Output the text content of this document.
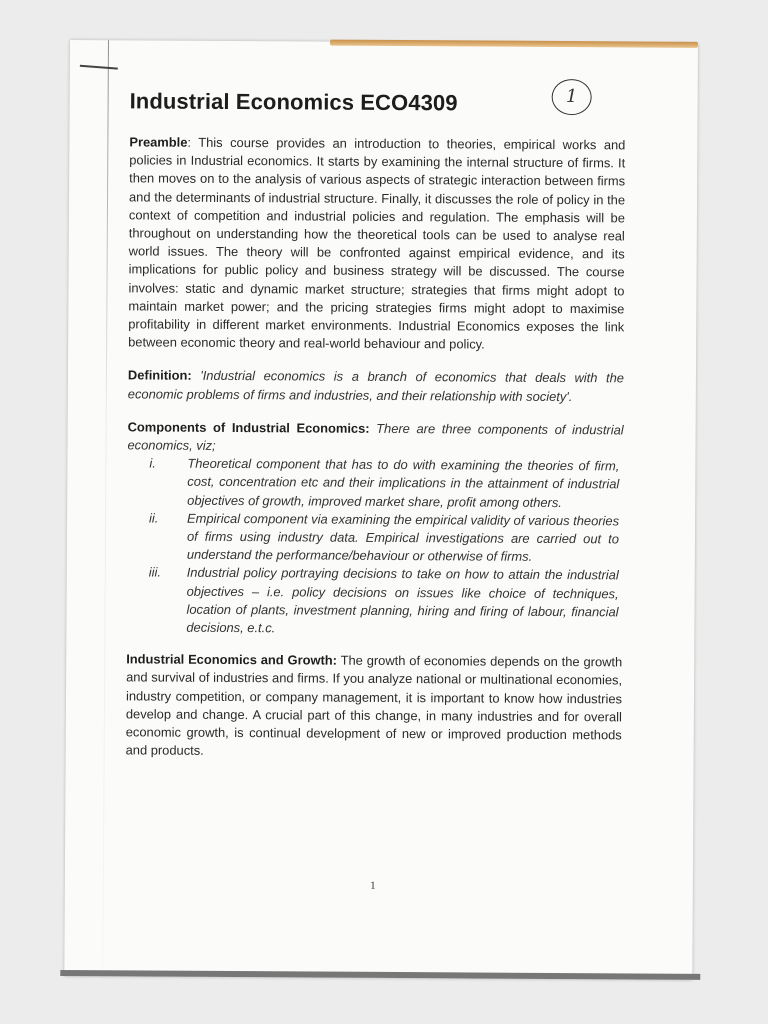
Industrial Economics ECO4309	1

Preamble: This course provides an introduction to theories, empirical works and policies in Industrial economics. It starts by examining the internal structure of firms. It then moves on to the analysis of various aspects of strategic interaction between firms and the determinants of industrial structure. Finally, it discusses the role of policy in the context of competition and industrial policies and regulation. The emphasis will be throughout on understanding how the theoretical tools can be used to analyse real world issues. The theory will be confronted against empirical evidence, and its implications for public policy and business strategy will be discussed. The course involves: static and dynamic market structure; strategies that firms might adopt to maintain market power; and the pricing strategies firms might adopt to maximise profitability in different market environments. Industrial Economics exposes the link between economic theory and real-world behaviour and policy.

Definition: 'Industrial economics is a branch of economics that deals with the economic problems of firms and industries, and their relationship with society'.

Components of Industrial Economics: There are three components of industrial economics, viz;

i. Theoretical component that has to do with examining the theories of firm, cost, concentration etc and their implications in the attainment of industrial objectives of growth, improved market share, profit among others.
ii. Empirical component via examining the empirical validity of various theories of firms using industry data. Empirical investigations are carried out to understand the performance/behaviour or otherwise of firms.
iii. Industrial policy portraying decisions to take on how to attain the industrial objectives – i.e. policy decisions on issues like choice of techniques, location of plants, investment planning, hiring and firing of labour, financial decisions, e.t.c.

Industrial Economics and Growth: The growth of economies depends on the growth and survival of industries and firms. If you analyze national or multinational economies, industry competition, or company management, it is important to know how industries develop and change. A crucial part of this change, in many industries and for overall economic growth, is continual development of new or improved production methods and products.

1
